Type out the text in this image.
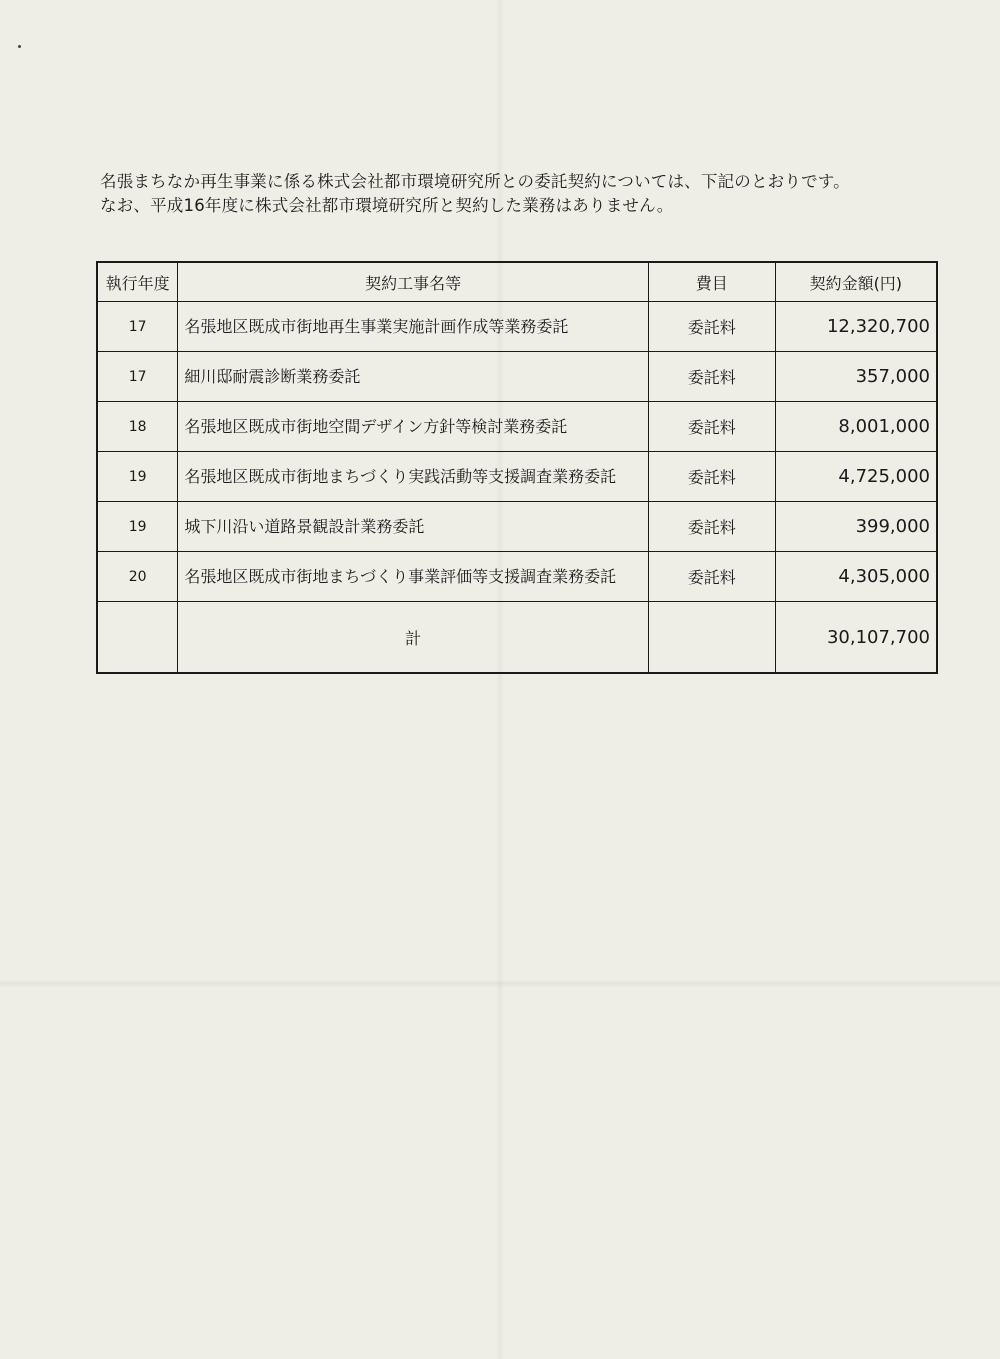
名張まちなか再生事業に係る株式会社都市環境研究所との委託契約については、下記のとおりです。

なお、平成16年度に株式会社都市環境研究所と契約した業務はありません。

執行年度	契約工事名等	費目	契約金額(円)
17	名張地区既成市街地再生事業実施計画作成等業務委託	委託料	12,320,700
17	細川邸耐震診断業務委託	委託料	357,000
18	名張地区既成市街地空間デザイン方針等検討業務委託	委託料	8,001,000
19	名張地区既成市街地まちづくり実践活動等支援調査業務委託	委託料	4,725,000
19	城下川沿い道路景観設計業務委託	委託料	399,000
20	名張地区既成市街地まちづくり事業評価等支援調査業務委託	委託料	4,305,000
	計		30,107,700
